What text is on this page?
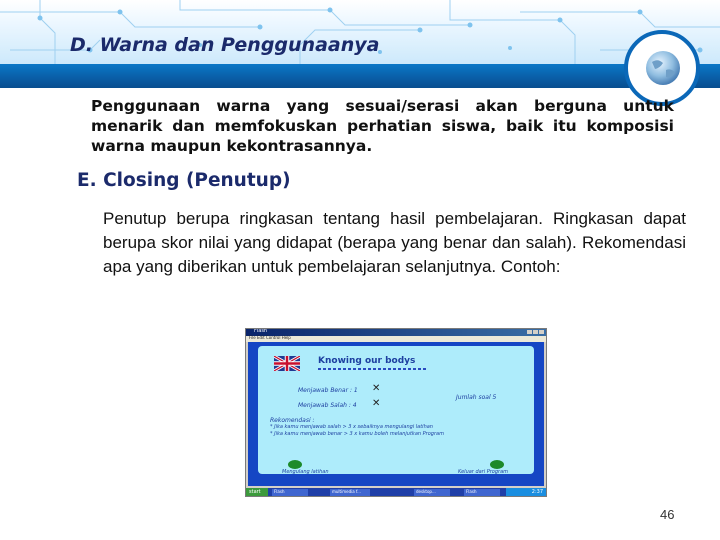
D. Warna dan Penggunaanya
Penggunaan warna yang sesuai/serasi akan berguna untuk menarik dan memfokuskan perhatian siswa, baik itu komposisi warna maupun kekontrasannya.
E. Closing (Penutup)
Penutup berupa ringkasan tentang hasil pembelajaran. Ringkasan dapat berupa skor nilai yang didapat (berapa yang benar dan salah). Rekomendasi apa yang diberikan untuk pembelajaran selanjutnya. Contoh:
Flash
File Edit Control Help
Knowing our bodys
Menjawab Benar : 1 ✕
Menjawab Salah : 4 ✕
Jumlah soal 5
Rekomendasi :
* Jika kamu menjawab salah > 3 x sebaiknya mengulangi latihan
* Jika kamu menjawab benar > 3 x kamu boleh melanjutkan Program
Mengulang latihan	Keluar dari Program
start	Flash	multimedia f...	desktop...	Flash	2:37
46
